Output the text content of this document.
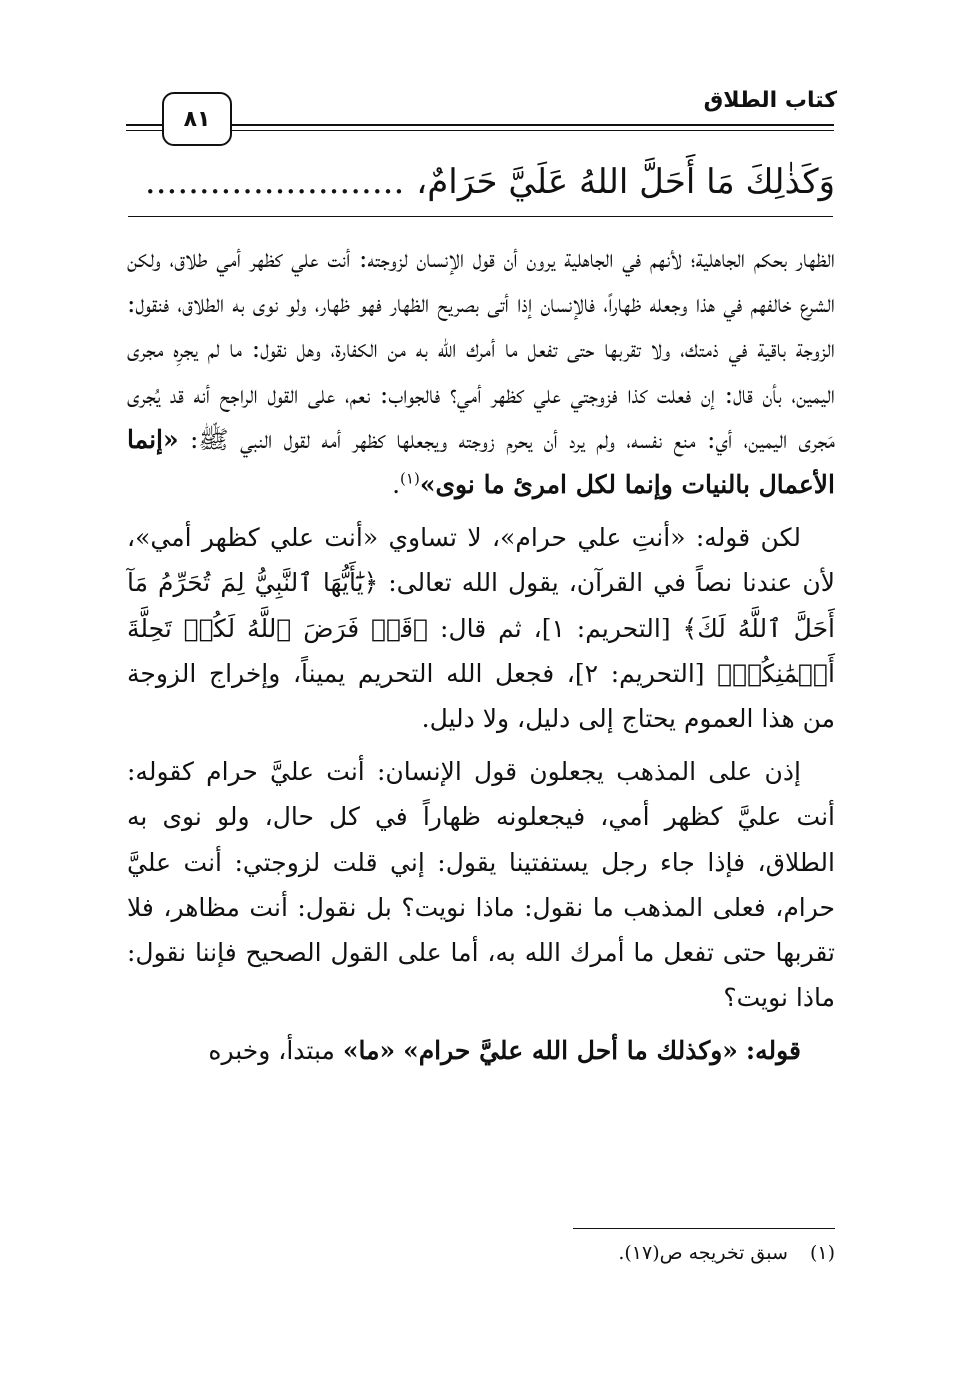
كتاب الطلاق
٨١
وَكَذٰلِكَ مَا أَحَلَّ اللهُ عَلَيَّ حَرَامٌ،........................

الظهار بحكم الجاهلية؛ لأنهم في الجاهلية يرون أن قول الإنسان لزوجته: أنت علي كظهر أمي طلاق، ولكن الشرع خالفهم في هذا وجعله ظهاراً، فالإنسان إذا أتى بصريح الظهار فهو ظهار، ولو نوى به الطلاق، فنقول: الزوجة باقية في ذمتك، ولا تقربها حتى تفعل ما أمرك الله به من الكفارة، وهل نقول: ما لم يجرِه مجرى اليمين، بأن قال: إن فعلت كذا فزوجتي علي كظهر أمي؟ فالجواب: نعم، على القول الراجح أنه قد يُجرى مَجرى اليمين، أي: منع نفسه، ولم يرد أن يحرم زوجته ويجعلها كظهر أمه لقول النبي ﷺ: «إنما الأعمال بالنيات وإنما لكل امرئ ما نوى»$^{(١)}$.

لكن قوله: «أنتِ علي حرام»، لا تساوي «أنت علي كظهر أمي»، لأن عندنا نصاً في القرآن، يقول الله تعالى: ﴿يَٰٓأَيُّهَا ٱلنَّبِيُّ لِمَ تُحَرِّمُ مَآ أَحَلَّ ٱللَّهُ لَكَ﴾ [التحريم: ١]، ثم قال: ﴿قَدۡ فَرَضَ ٱللَّهُ لَكُمۡ تَحِلَّةَ أَيۡمَٰنِكُمۡ﴾ [التحريم: ٢]، فجعل الله التحريم يميناً، وإخراج الزوجة من هذا العموم يحتاج إلى دليل، ولا دليل.

إذن على المذهب يجعلون قول الإنسان: أنت عليَّ حرام كقوله: أنت عليَّ كظهر أمي، فيجعلونه ظهاراً في كل حال، ولو نوى به الطلاق، فإذا جاء رجل يستفتينا يقول: إني قلت لزوجتي: أنت عليَّ حرام، فعلى المذهب ما نقول: ماذا نويت؟ بل نقول: أنت مظاهر، فلا تقربها حتى تفعل ما أمرك الله به، أما على القول الصحيح فإننا نقول: ماذا نويت؟

قوله: «وكذلك ما أحل الله عليَّ حرام» «ما» مبتدأ، وخبره

(١)سبق تخريجه ص(١٧).
